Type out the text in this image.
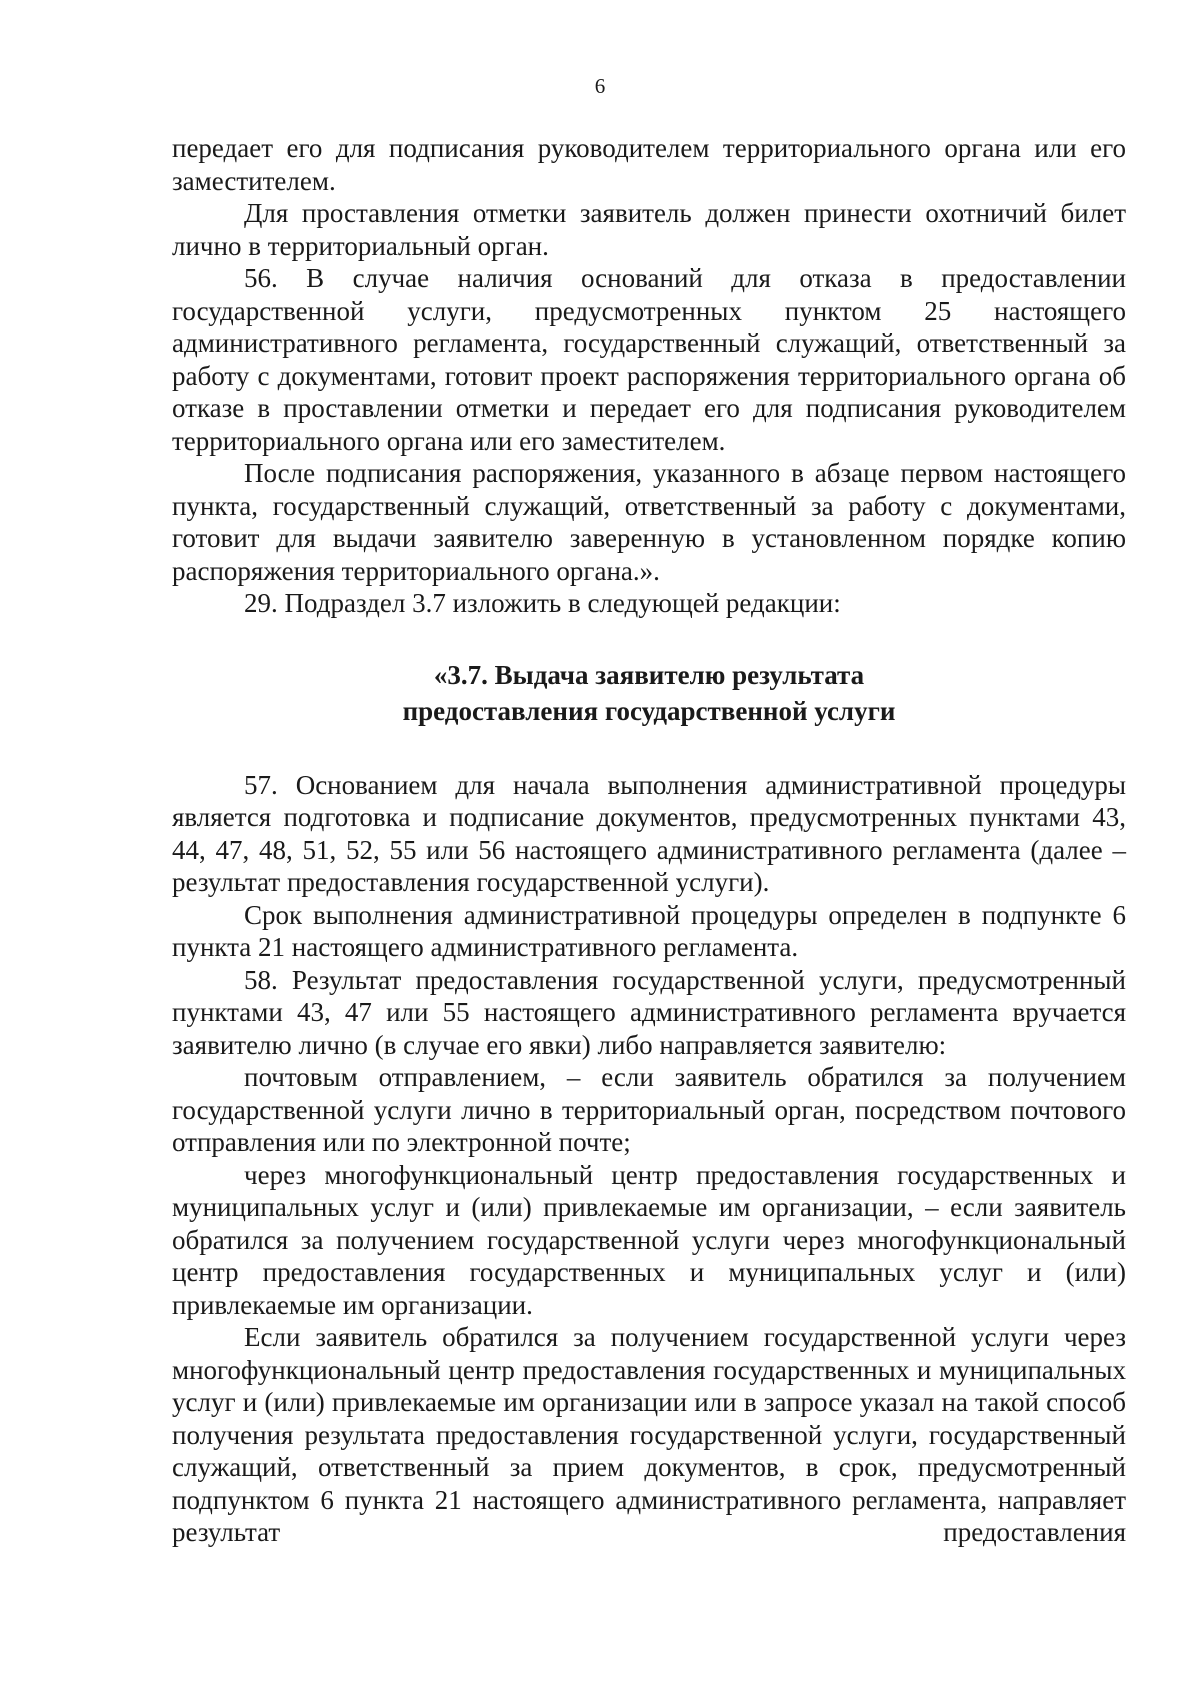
6

передает его для подписания руководителем территориального органа или его заместителем.

Для проставления отметки заявитель должен принести охотничий билет лично в территориальный орган.

56. В случае наличия оснований для отказа в предоставлении государственной услуги, предусмотренных пунктом 25 настоящего административного регламента, государственный служащий, ответственный за работу с документами, готовит проект распоряжения территориального органа об отказе в проставлении отметки и передает его для подписания руководителем территориального органа или его заместителем.

После подписания распоряжения, указанного в абзаце первом настоящего пункта, государственный служащий, ответственный за работу с документами, готовит для выдачи заявителю заверенную в установленном порядке копию распоряжения территориального органа.».

29. Подраздел 3.7 изложить в следующей редакции:

«3.7. Выдача заявителю результата
предоставления государственной услуги

57. Основанием для начала выполнения административной процедуры является подготовка и подписание документов, предусмотренных пунктами 43, 44, 47, 48, 51, 52, 55 или 56 настоящего административного регламента (далее – результат предоставления государственной услуги).

Срок выполнения административной процедуры определен в подпункте 6 пункта 21 настоящего административного регламента.

58. Результат предоставления государственной услуги, предусмотренный пунктами 43, 47 или 55 настоящего административного регламента вручается заявителю лично (в случае его явки) либо направляется заявителю:

почтовым отправлением, – если заявитель обратился за получением государственной услуги лично в территориальный орган, посредством почтового отправления или по электронной почте;

через многофункциональный центр предоставления государственных и муниципальных услуг и (или) привлекаемые им организации, – если заявитель обратился за получением государственной услуги через многофункциональный центр предоставления государственных и муниципальных услуг и (или) привлекаемые им организации.

Если заявитель обратился за получением государственной услуги через многофункциональный центр предоставления государственных и муниципальных услуг и (или) привлекаемые им организации или в запросе указал на такой способ получения результата предоставления государственной услуги, государственный служащий, ответственный за прием документов, в срок, предусмотренный подпунктом 6 пункта 21 настоящего административного регламента, направляет результат предоставления
